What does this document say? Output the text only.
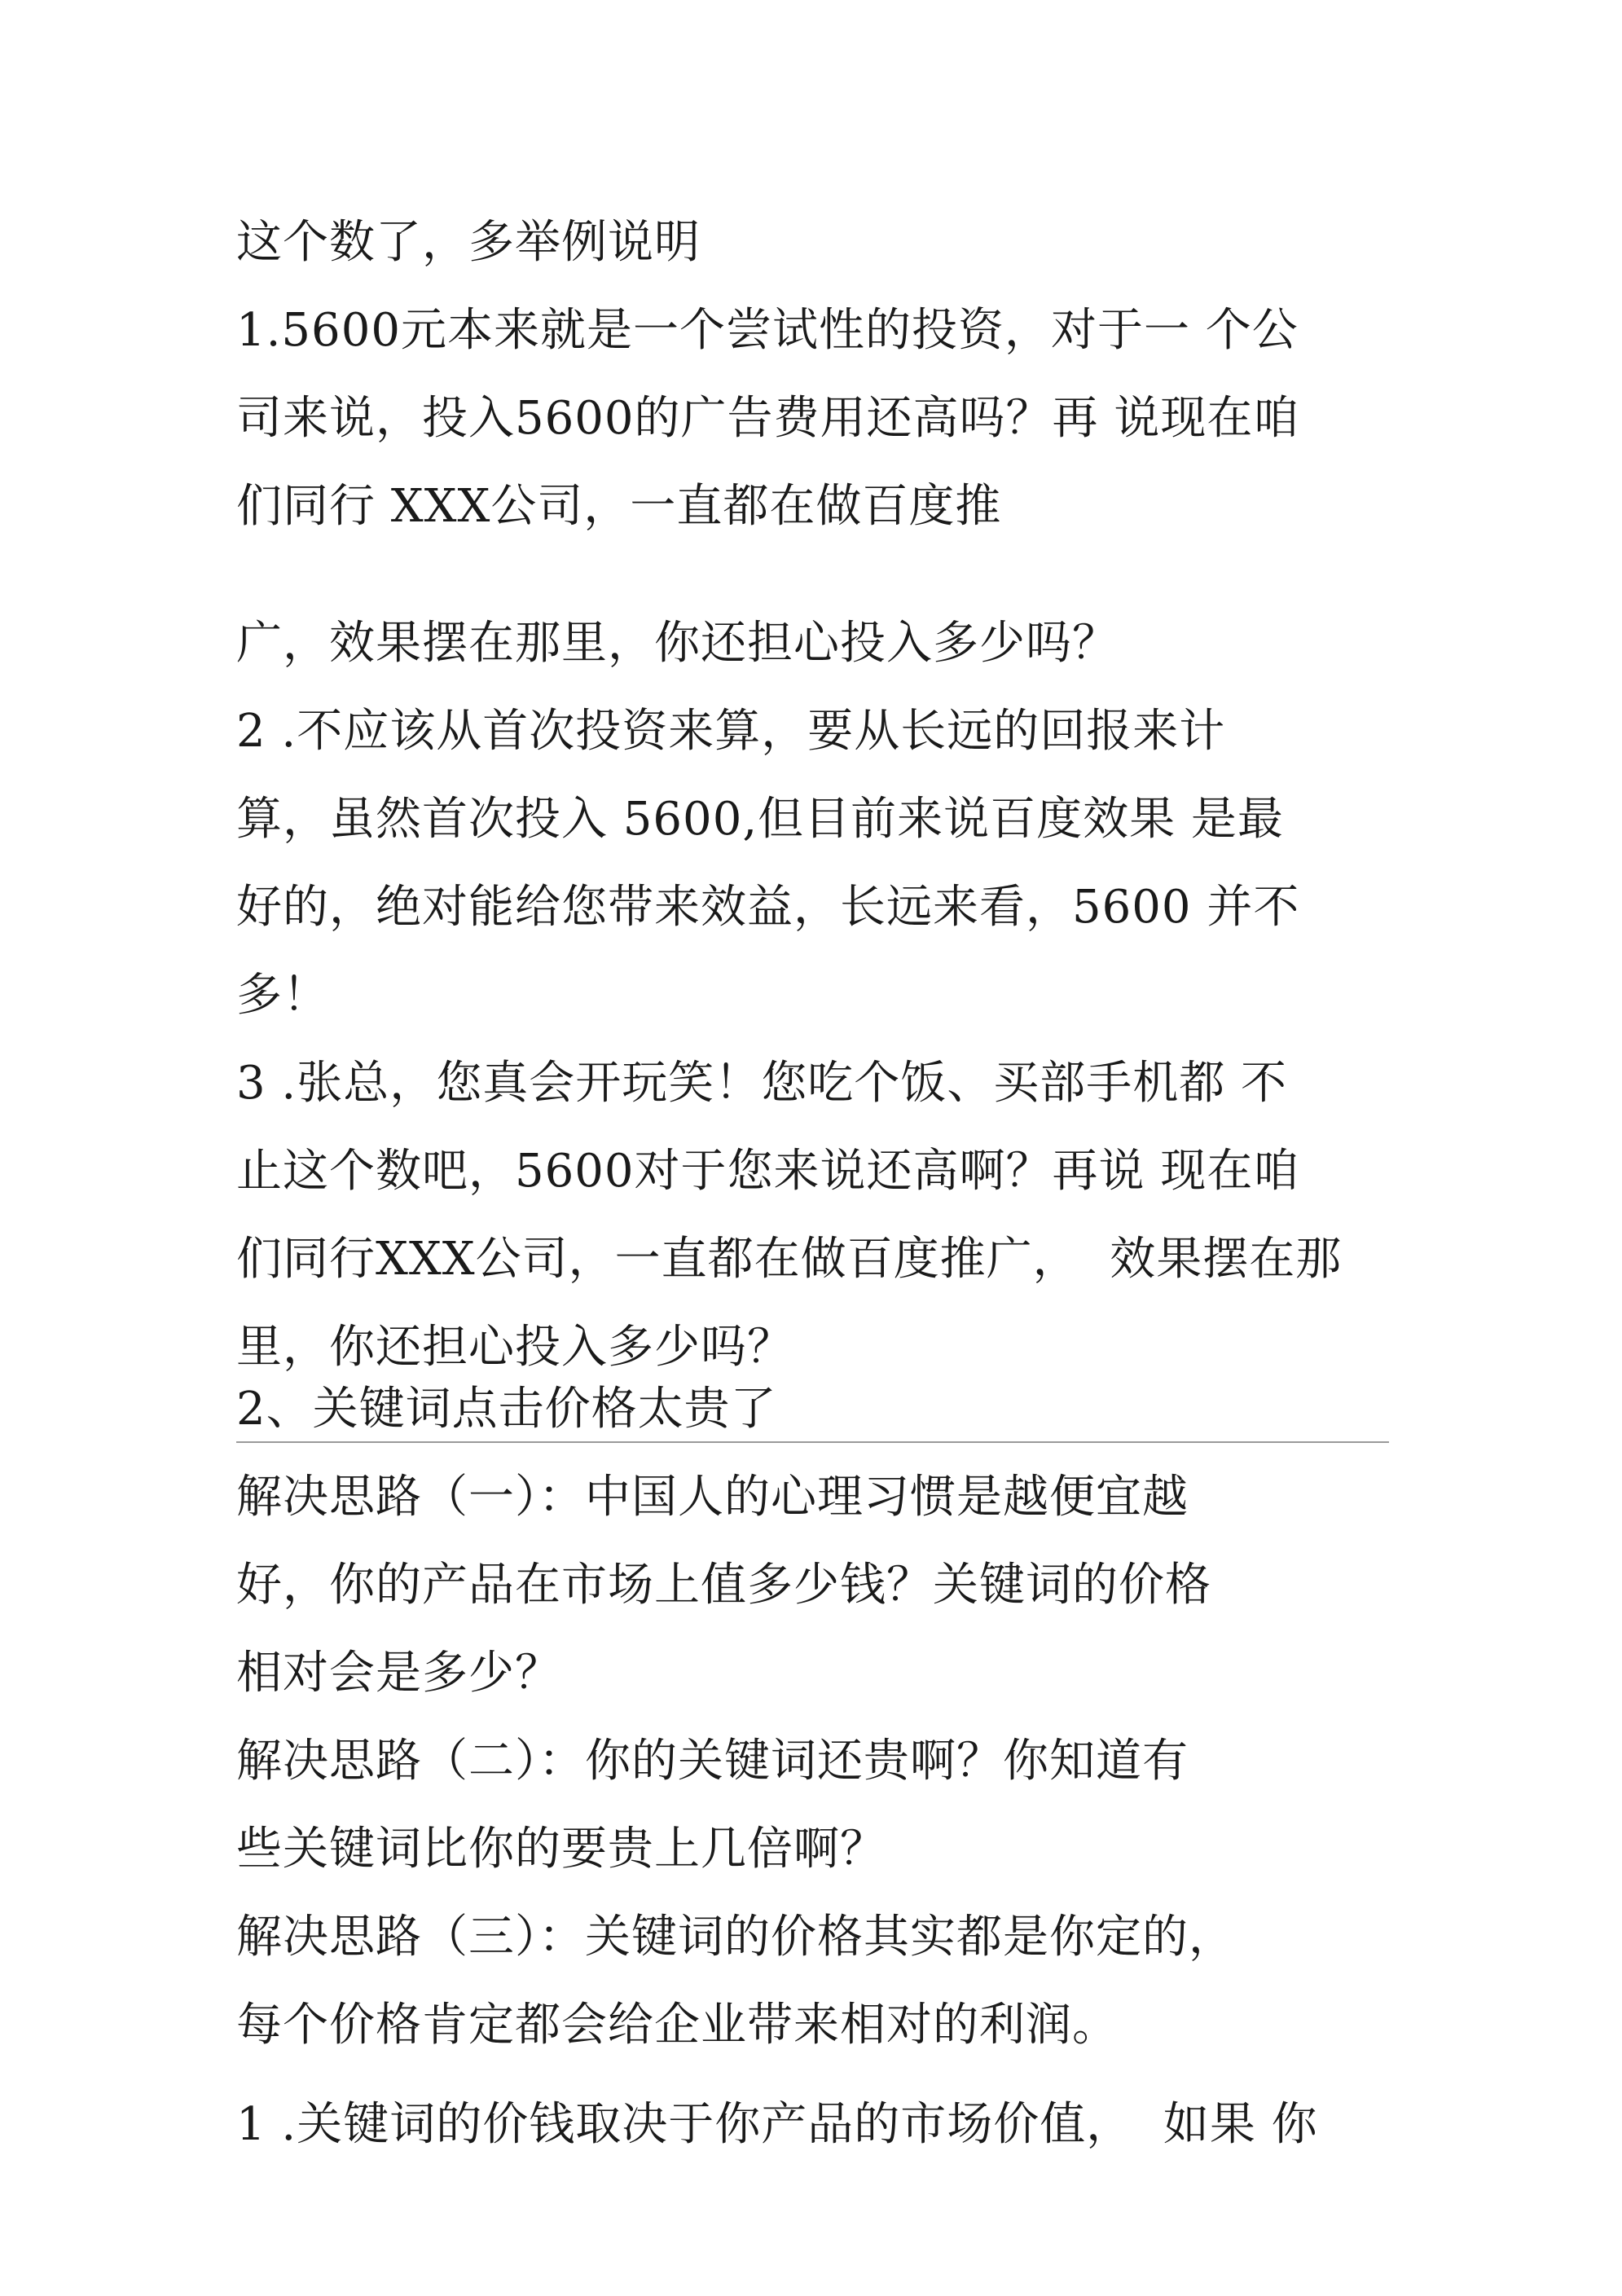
这个数了，多举例说明

1.5600元本来就是一个尝试性的投资，对于一 个公

司来说，投入5600的广告费用还高吗？再 说现在咱

们同行 XXX公司，一直都在做百度推

广，效果摆在那里，你还担心投入多少吗？

2 .不应该从首次投资来算，要从长远的回报来计

算，虽然首次投入 5600,但目前来说百度效果 是最

好的，绝对能给您带来效益，长远来看，5600 并不

多！

3 .张总，您真会开玩笑！您吃个饭、买部手机都 不

止这个数吧，5600对于您来说还高啊？再说 现在咱

们同行XXX公司，一直都在做百度推广，  效果摆在那

里，你还担心投入多少吗？

2、关键词点击价格太贵了

解决思路（一）：中国人的心理习惯是越便宜越

好，你的产品在市场上值多少钱？关键词的价格

相对会是多少？

解决思路（二）：你的关键词还贵啊？你知道有

些关键词比你的要贵上几倍啊？

解决思路（三）：关键词的价格其实都是你定的，

每个价格肯定都会给企业带来相对的利润。

1 .关键词的价钱取决于你产品的市场价值，  如果 你
